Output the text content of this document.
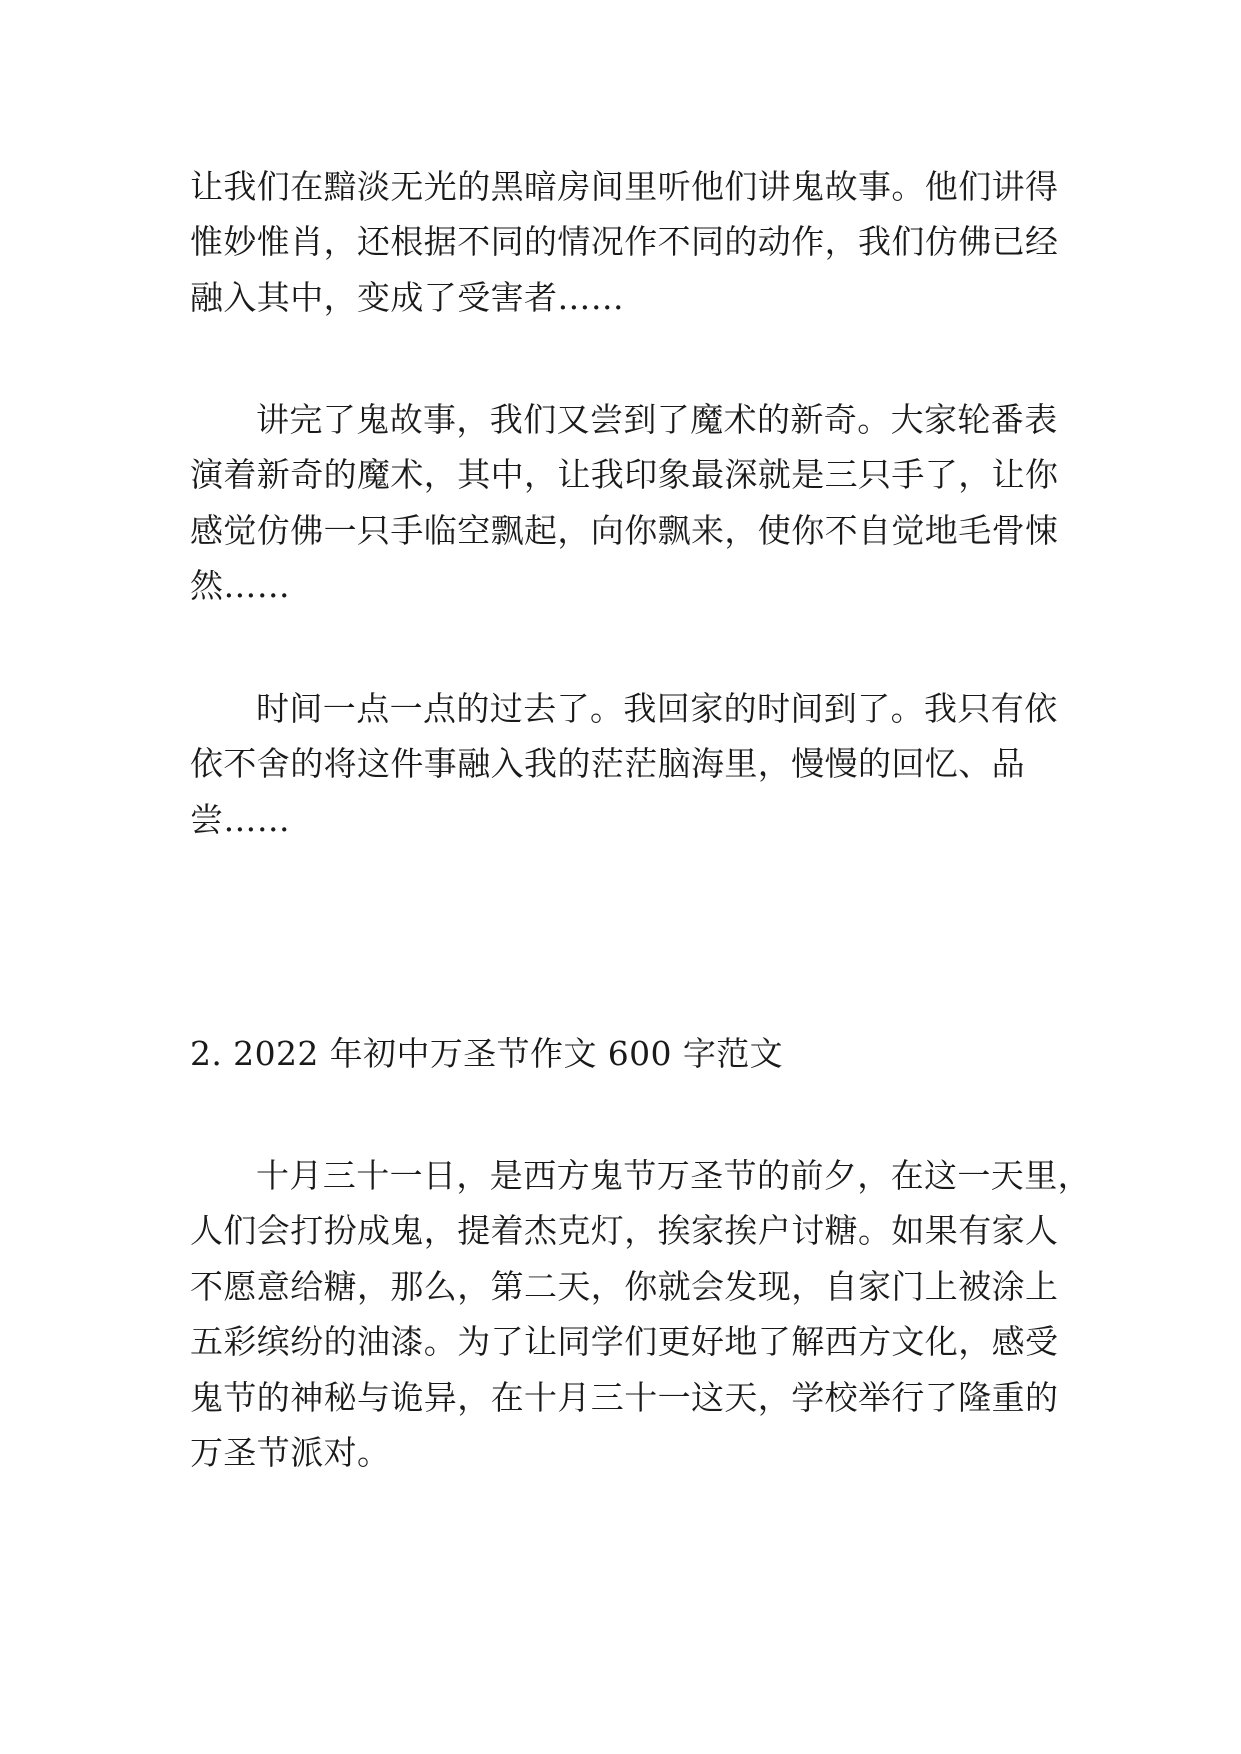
让我们在黯淡无光的黑暗房间里听他们讲鬼故事。他们讲得
惟妙惟肖，还根据不同的情况作不同的动作，我们仿佛已经
融入其中，变成了受害者……
讲完了鬼故事，我们又尝到了魔术的新奇。大家轮番表
演着新奇的魔术，其中，让我印象最深就是三只手了，让你
感觉仿佛一只手临空飘起，向你飘来，使你不自觉地毛骨悚
然……
时间一点一点的过去了。我回家的时间到了。我只有依
依不舍的将这件事融入我的茫茫脑海里，慢慢的回忆、品
尝……
2. 2022 年初中万圣节作文 600 字范文
十月三十一日，是西方鬼节万圣节的前夕，在这一天里，
人们会打扮成鬼，提着杰克灯，挨家挨户讨糖。如果有家人
不愿意给糖，那么，第二天，你就会发现，自家门上被涂上
五彩缤纷的油漆。为了让同学们更好地了解西方文化，感受
鬼节的神秘与诡异，在十月三十一这天，学校举行了隆重的
万圣节派对。
